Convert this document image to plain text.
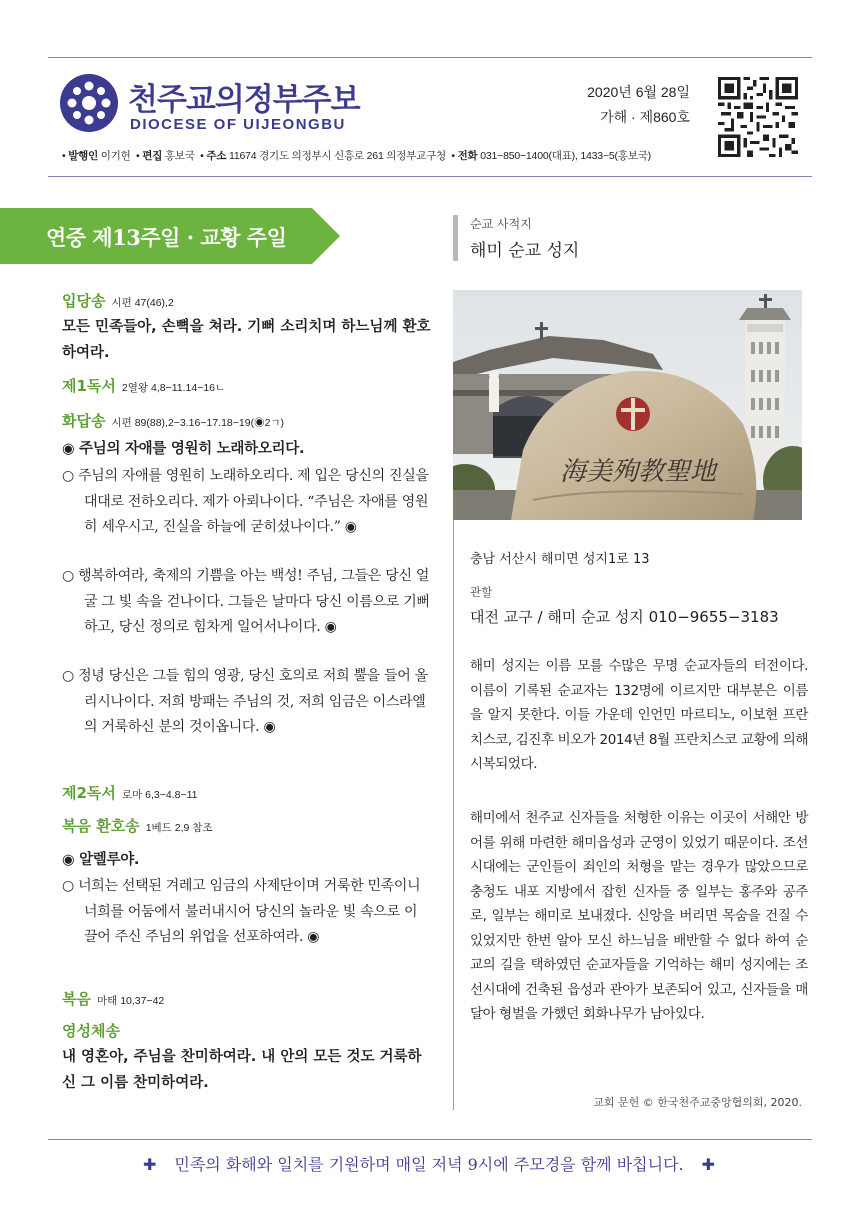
천주교의정부주보
DIOCESE OF UIJEONGBU
2020년 6월 28일
가해 · 제860호
• 발행인 이기헌  • 편집 홍보국  • 주소 11674 경기도 의정부시 신흥로 261 의정부교구청  • 전화 031−850−1400(대표), 1433~5(홍보국)
연중 제13주일 · 교황 주일
입당송 시편 47(46),2
모든 민족들아, 손뼉을 쳐라. 기뻐 소리치며 하느님께 환호하여라.
제1독서 2열왕 4,8−11.14−16ㄴ
화답송 시편 89(88),2−3.16−17.18−19(◉2ㄱ)
◉ 주님의 자애를 영원히 노래하오리다.
○ 주님의 자애를 영원히 노래하오리다. 제 입은 당신의 진실을 대대로 전하오리다. 제가 아뢰나이다. “주님은 자애를 영원히 세우시고, 진실을 하늘에 굳히셨나이다.” ◉
○ 행복하여라, 축제의 기쁨을 아는 백성! 주님, 그들은 당신 얼굴 그 빛 속을 걷나이다. 그들은 날마다 당신 이름으로 기뻐하고, 당신 정의로 힘차게 일어서나이다. ◉
○ 정녕 당신은 그들 힘의 영광, 당신 호의로 저희 뿔을 들어 올리시나이다. 저희 방패는 주님의 것, 저희 임금은 이스라엘의 거룩하신 분의 것이옵니다. ◉
제2독서 로마 6,3−4.8−11
복음 환호송 1베드 2,9 참조
◉ 알렐루야.
○ 너희는 선택된 겨레고 임금의 사제단이며 거룩한 민족이니 너희를 어둠에서 불러내시어 당신의 놀라운 빛 속으로 이끌어 주신 주님의 위업을 선포하여라. ◉
복음 마태 10,37−42
영성체송
내 영혼아, 주님을 찬미하여라. 내 안의 모든 것도 거룩하신 그 이름 찬미하여라.
순교 사적지
해미 순교 성지
海美殉教聖地
충남 서산시 해미면 성지1로 13
관할
대전 교구 / 해미 순교 성지 010−9655−3183
해미 성지는 이름 모를 수많은 무명 순교자들의 터전이다. 이름이 기록된 순교자는 132명에 이르지만 대부분은 이름을 알지 못한다. 이들 가운데 인언민 마르티노, 이보현 프란치스코, 김진후 비오가 2014년 8월 프란치스코 교황에 의해 시복되었다.
해미에서 천주교 신자들을 처형한 이유는 이곳이 서해안 방어를 위해 마련한 해미읍성과 군영이 있었기 때문이다. 조선 시대에는 군인들이 죄인의 처형을 맡는 경우가 많았으므로 충청도 내포 지방에서 잡힌 신자들 중 일부는 홍주와 공주로, 일부는 해미로 보내졌다. 신앙을 버리면 목숨을 건질 수 있었지만 한번 알아 모신 하느님을 배반할 수 없다 하여 순교의 길을 택하였던 순교자들을 기억하는 해미 성지에는 조선시대에 건축된 읍성과 관아가 보존되어 있고, 신자들을 매달아 형벌을 가했던 회화나무가 남아있다.
교회 문헌 © 한국천주교중앙협의회, 2020.
✚ 민족의 화해와 일치를 기원하며 매일 저녁 9시에 주모경을 함께 바칩니다. ✚
